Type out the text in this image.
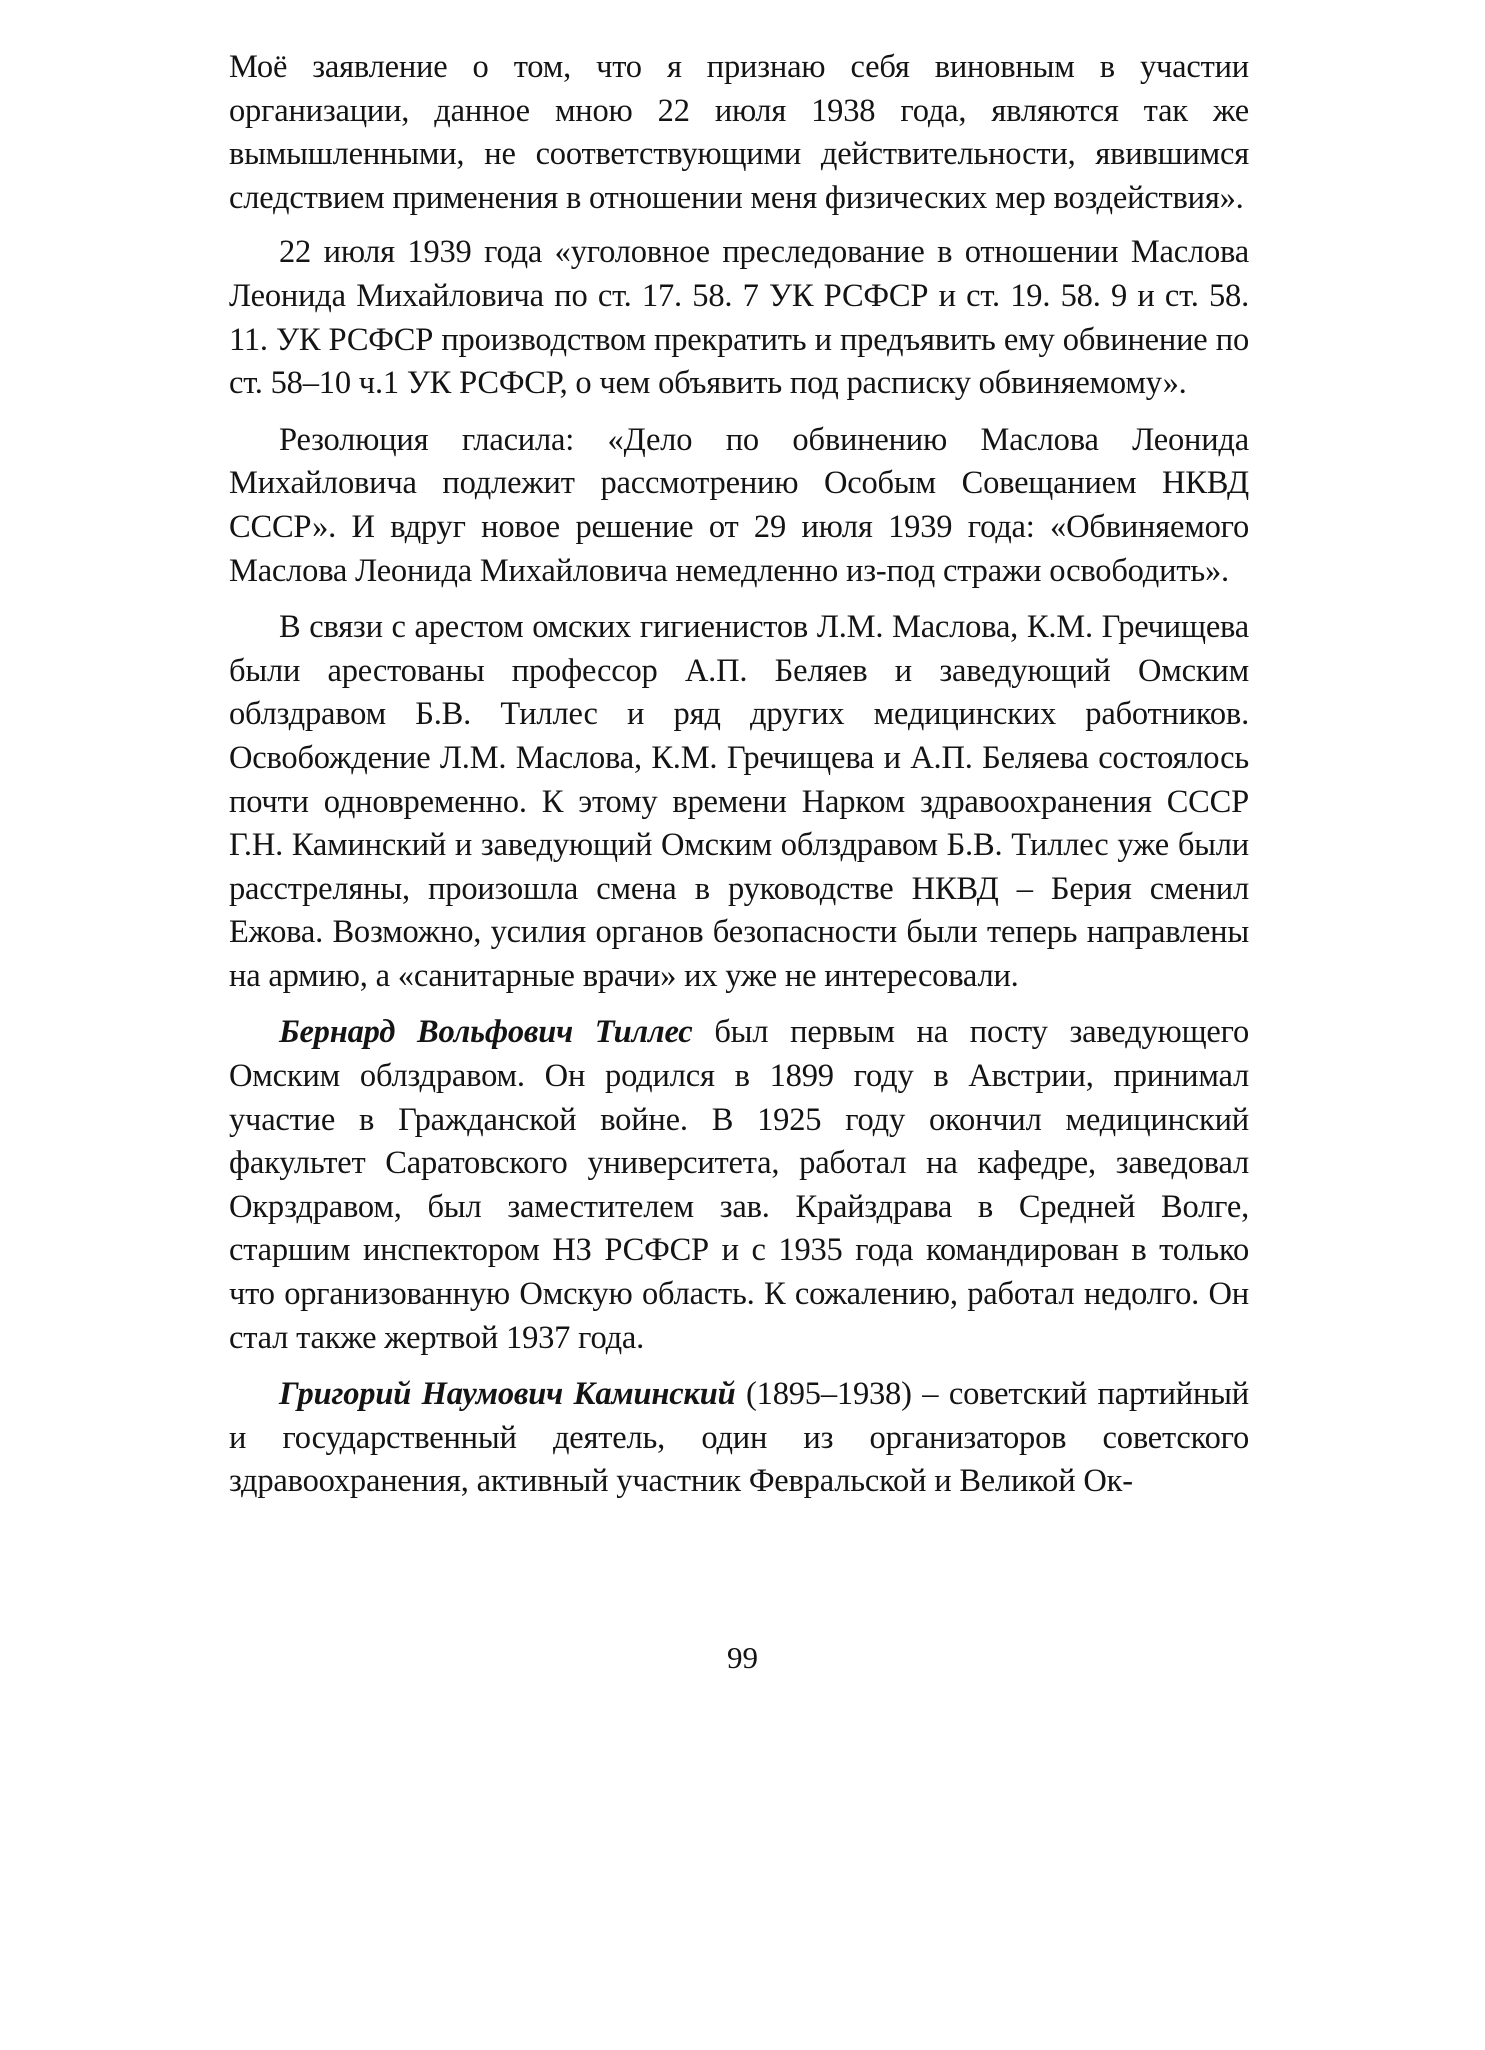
Моё заявление о том, что я признаю себя виновным в участии организации, данное мною 22 июля 1938 года, являются так же вымышленными, не соответствующими действительности, явившимся следствием применения в отношении меня физических мер воздействия».

22 июля 1939 года «уголовное преследование в отношении Маслова Леонида Михайловича по ст. 17. 58. 7 УК РСФСР и ст. 19. 58. 9 и ст. 58. 11. УК РСФСР производством прекратить и предъявить ему обвинение по ст. 58–10 ч.1 УК РСФСР, о чем объявить под расписку обвиняемому».

Резолюция гласила: «Дело по обвинению Маслова Леонида Михайловича подлежит рассмотрению Особым Совещанием НКВД СССР». И вдруг новое решение от 29 июля 1939 года: «Обвиняемого Маслова Леонида Михайловича немедленно из-под стражи освободить».

В связи с арестом омских гигиенистов Л.М. Маслова, К.М. Гречищева были арестованы профессор А.П. Беляев и заведующий Омским облздравом Б.В. Тиллес и ряд других медицинских работников. Освобождение Л.М. Маслова, К.М. Гречищева и А.П. Беляева состоялось почти одновременно. К этому времени Нарком здравоохранения СССР Г.Н. Каминский и заведующий Омским облздравом Б.В. Тиллес уже были расстреляны, произошла смена в руководстве НКВД – Берия сменил Ежова. Возможно, усилия органов безопасности были теперь направлены на армию, а «санитарные врачи» их уже не интересовали.

Бернард Вольфович Тиллес был первым на посту заведующего Омским облздравом. Он родился в 1899 году в Австрии, принимал участие в Гражданской войне. В 1925 году окончил медицинский факультет Саратовского университета, работал на кафедре, заведовал Окрздравом, был заместителем зав. Крайздрава в Средней Волге, старшим инспектором НЗ РСФСР и с 1935 года командирован в только что организованную Омскую область. К сожалению, работал недолго. Он стал также жертвой 1937 года.

Григорий Наумович Каминский (1895–1938) – советский партийный и государственный деятель, один из организаторов советского здравоохранения, активный участник Февральской и Великой Ок-

99
